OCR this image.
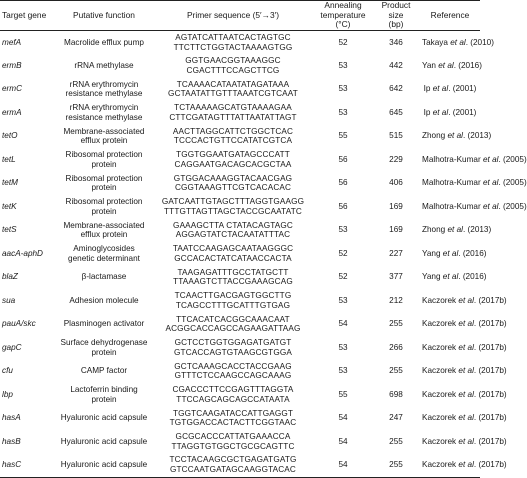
Target gene	Putative function	Primer sequence (5′→3′)	Annealing
temperature
(°C)	Product size
(bp)	Reference
mefA	Macrolide efflux pump	AGTATCATTAATCACTAGTGC
TTCTTCTGGTACTAAAAGTGG	52	346	Takaya et al. (2010)
ermB	rRNA methylase	GGTGAACGGTAAAGGC
CGACTTTCCAGCTTCG	53	442	Yan et al. (2016)
ermC	rRNA erythromycin
resistance methylase	TCAAAACATAATATAGATAAA
GCTAATATTGTTTAAATCGTCAAT	53	642	Ip et al. (2001)
ermA	rRNA erythromycin
resistance methylase	TCTAAAAAGCATGTAAAAGAA
CTTCGATAGTTTATTAATATTAGT	53	645	Ip et al. (2001)
tetO	Membrane-associated
efflux protein	AACTTAGGCATTCTGGCTCAC
TCCCACTGTTCCATATCGTCA	55	515	Zhong et al. (2013)
tetL	Ribosomal protection
protein	TGGTGGAATGATAGCCCATT
CAGGAATGACAGCACGCTAA	56	229	Malhotra-Kumar et al. (2005)
tetM	Ribosomal protection
protein	GTGGACAAAGGTACAACGAG
CGGTAAAGTTCGTCACACAC	56	406	Malhotra-Kumar et al. (2005)
tetK	Ribosomal protection
protein	GATCAATTGTAGCTTTAGGTGAAGG
TTTGTTAGTTAGCTACCGCAATATC	56	169	Malhotra-Kumar et al. (2005)
tetS	Membrane-associated
efflux protein	GAAAGCTTA CTATACAGTAGC
AGGAGTATCTACAATATTTAC	53	169	Zhong et al. (2013)
aacA-aphD	Aminoglycosides
genetic determinant	TAATCCAAGAGCAATAAGGGC
GCCACACTATCATAACCACTA	52	227	Yang et al. (2016)
blaZ	β-lactamase	TAAGAGATTTGCCTATGCTT
TTAAAGTCTTACCGAAAGCAG	52	377	Yang et al. (2016)
sua	Adhesion molecule	TCAACTTGACGAGTGGCTTG
TCAGCCTTTGCATTTGTGAG	53	212	Kaczorek et al. (2017b)
pauA/skc	Plasminogen activator	TTCACATCACGGCAAACAAT
ACGGCACCAGCCAGAAGATTAAG	54	255	Kaczorek et al. (2017b)
gapC	Surface dehydrogenase
protein	GCTCCTGGTGGAGATGATGT
GTCACCAGTGTAAGCGTGGA	53	266	Kaczorek et al. (2017b)
cfu	CAMP factor	GCTCAAAGCACCTACCGAAG
GTTTCTCCAAGCCAGCAAAG	53	255	Kaczorek et al. (2017b)
lbp	Lactoferrin binding
protein	CGACCCTTCCGAGTTTAGGTA
TTCCAGCAGCAGCCATAATA	55	698	Kaczorek et al. (2017b)
hasA	Hyaluronic acid capsule	TGGTCAAGATACCATTGAGGT
TGTGGACCACTACTTCGGTAAC	54	247	Kaczorek et al. (2017b)
hasB	Hyaluronic acid capsule	GCGCACCCATTATGAAACCA
TTAGGTGTGGCTGCGCAGTTC	54	255	Kaczorek et al. (2017b)
hasC	Hyaluronic acid capsule	TCCTACAAGCGCTGAGATGATG
GTCCAATGATAGCAAGGTACAC	54	255	Kaczorek et al. (2017b)
